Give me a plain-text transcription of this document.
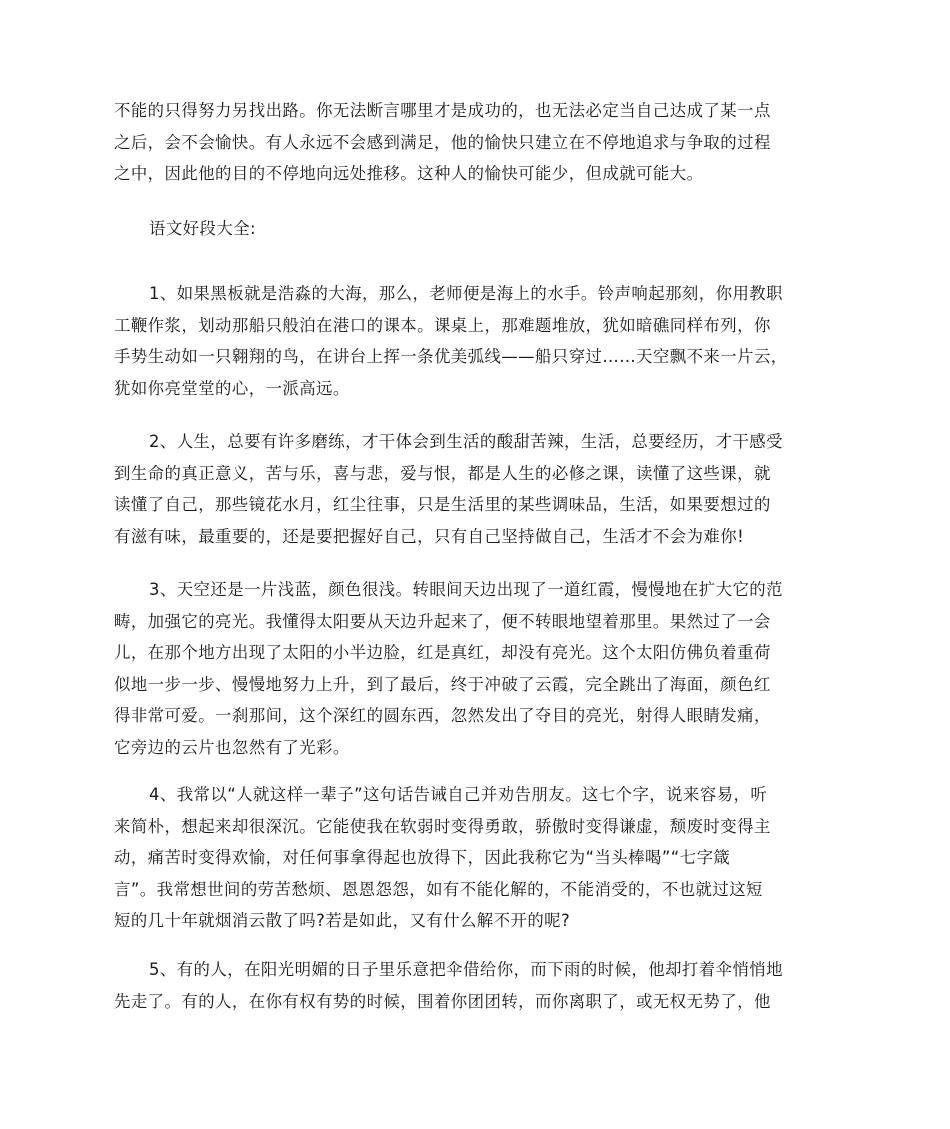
不能的只得努力另找出路。你无法断言哪里才是成功的，也无法必定当自己达成了某一点
之后，会不会愉快。有人永远不会感到满足，他的愉快只建立在不停地追求与争取的过程
之中，因此他的目的不停地向远处推移。这种人的愉快可能少，但成就可能大。
语文好段大全:
1、如果黑板就是浩淼的大海，那么，老师便是海上的水手。铃声响起那刻，你用教职
工鞭作浆，划动那船只般泊在港口的课本。课桌上，那难题堆放，犹如暗礁同样布列，你
手势生动如一只翱翔的鸟，在讲台上挥一条优美弧线——船只穿过……天空飘不来一片云，
犹如你亮堂堂的心，一派高远。
2、人生，总要有许多磨练，才干体会到生活的酸甜苦辣，生活，总要经历，才干感受
到生命的真正意义，苦与乐，喜与悲，爱与恨，都是人生的必修之课，读懂了这些课，就
读懂了自己，那些镜花水月，红尘往事，只是生活里的某些调味品，生活，如果要想过的
有滋有味，最重要的，还是要把握好自己，只有自己坚持做自己，生活才不会为难你!
3、天空还是一片浅蓝，颜色很浅。转眼间天边出现了一道红霞，慢慢地在扩大它的范
畴，加强它的亮光。我懂得太阳要从天边升起来了，便不转眼地望着那里。果然过了一会
儿，在那个地方出现了太阳的小半边脸，红是真红，却没有亮光。这个太阳仿佛负着重荷
似地一步一步、慢慢地努力上升，到了最后，终于冲破了云霞，完全跳出了海面，颜色红
得非常可爱。一刹那间，这个深红的圆东西，忽然发出了夺目的亮光，射得人眼睛发痛，
它旁边的云片也忽然有了光彩。
4、我常以“人就这样一辈子”这句话告诫自己并劝告朋友。这七个字，说来容易，听
来简朴，想起来却很深沉。它能使我在软弱时变得勇敢，骄傲时变得谦虚，颓废时变得主
动，痛苦时变得欢愉，对任何事拿得起也放得下，因此我称它为“当头棒喝”“七字箴
言”。我常想世间的劳苦愁烦、恩恩怨怨，如有不能化解的，不能消受的，不也就过这短
短的几十年就烟消云散了吗?若是如此，又有什么解不开的呢?
5、有的人，在阳光明媚的日子里乐意把伞借给你，而下雨的时候，他却打着伞悄悄地
先走了。有的人，在你有权有势的时候，围着你团团转，而你离职了，或无权无势了，他
